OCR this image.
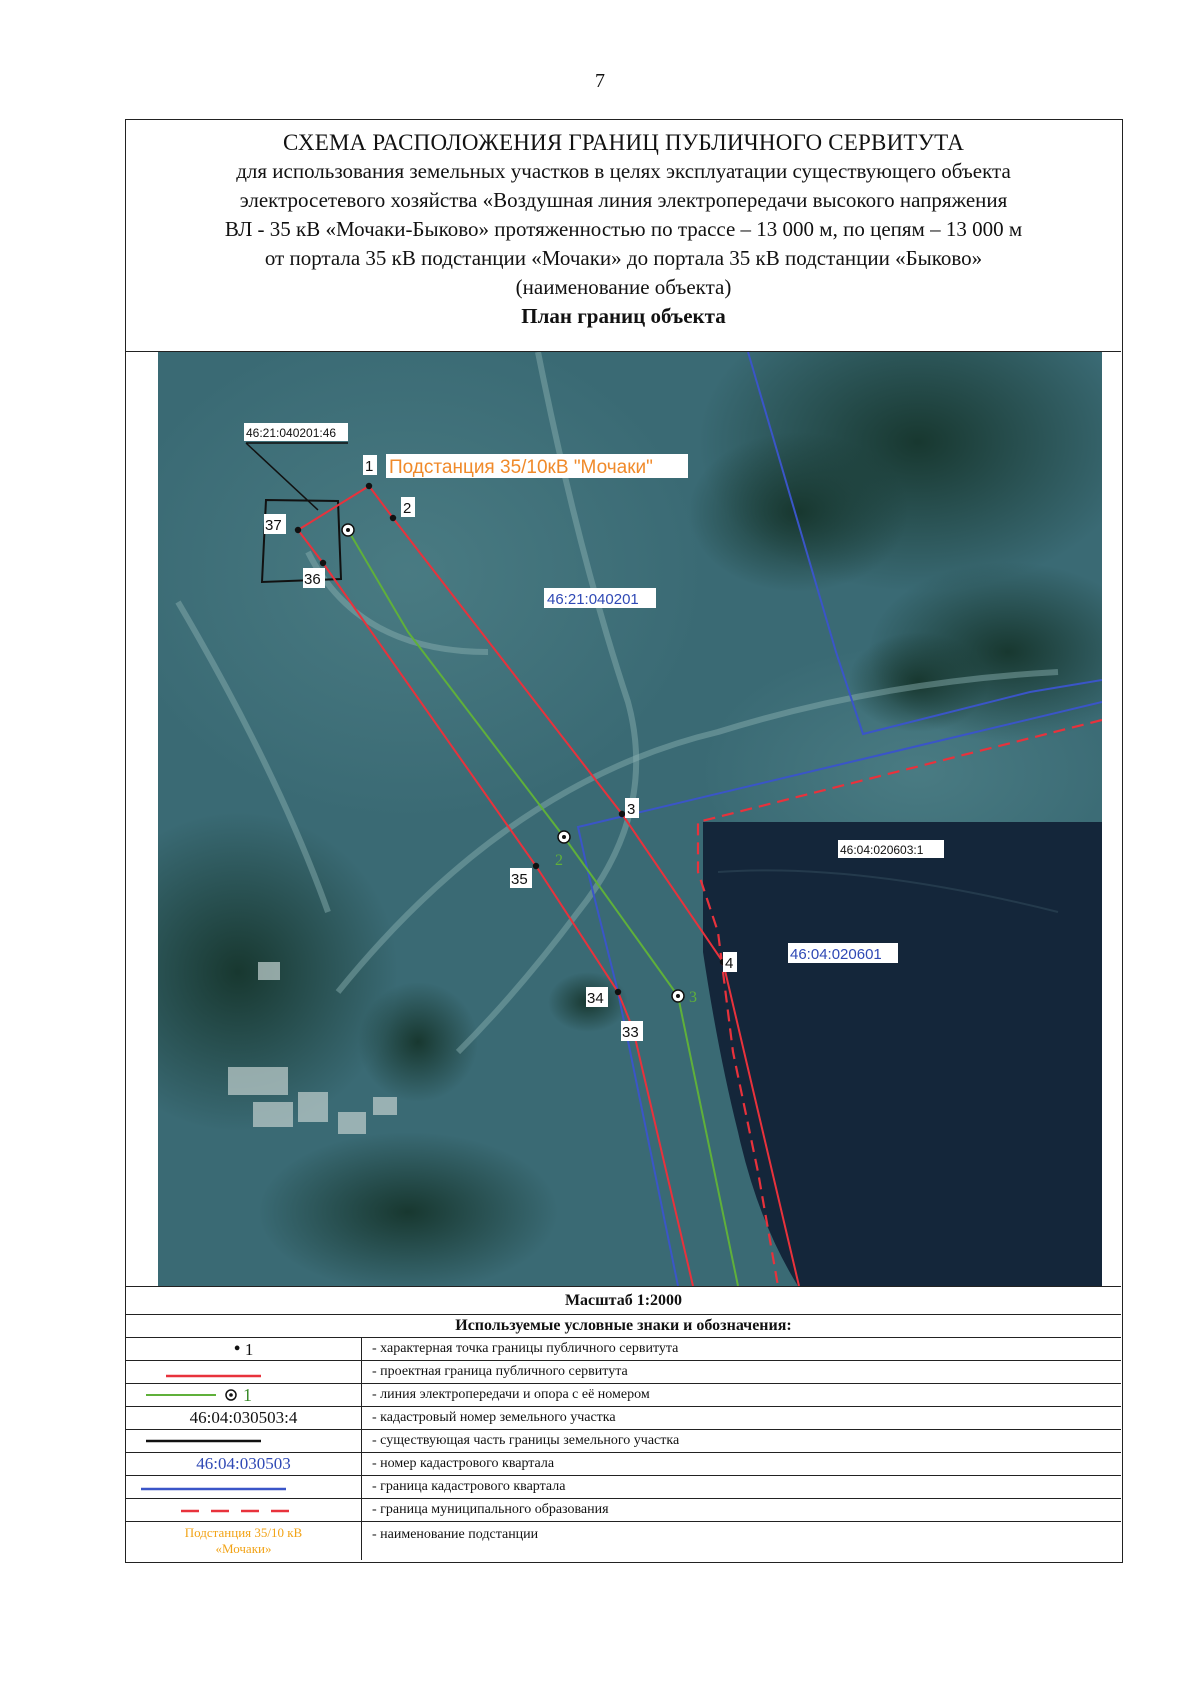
7
СХЕМА РАСПОЛОЖЕНИЯ ГРАНИЦ ПУБЛИЧНОГО СЕРВИТУТА
для использования земельных участков в целях эксплуатации существующего объекта
электросетевого хозяйства «Воздушная линия электропередачи высокого напряжения
ВЛ - 35 кВ «Мочаки-Быково» протяженностью по трассе – 13 000 м, по цепям – 13 000 м
от портала 35 кВ подстанции «Мочаки» до портала 35 кВ подстанции «Быково»
(наименование объекта)
План границ объекта
2
3
1
2
3
4
33
34
35
36
37
46:21:040201:46
Подстанция 35/10кВ "Мочаки"
46:21:040201
46:04:020603:1
46:04:020601
Масштаб 1:2000
Используемые условные знаки и обозначения:
• 1	- характерная точка границы публичного сервитута
- проектная граница публичного сервитута
1	- линия электропередачи и опора с её номером
46:04:030503:4	- кадастровый номер земельного участка
- существующая часть границы земельного участка
46:04:030503	- номер кадастрового квартала
- граница кадастрового квартала
- граница муниципального образования
Подстанция 35/10 кВ
«Мочаки»
- наименование подстанции
